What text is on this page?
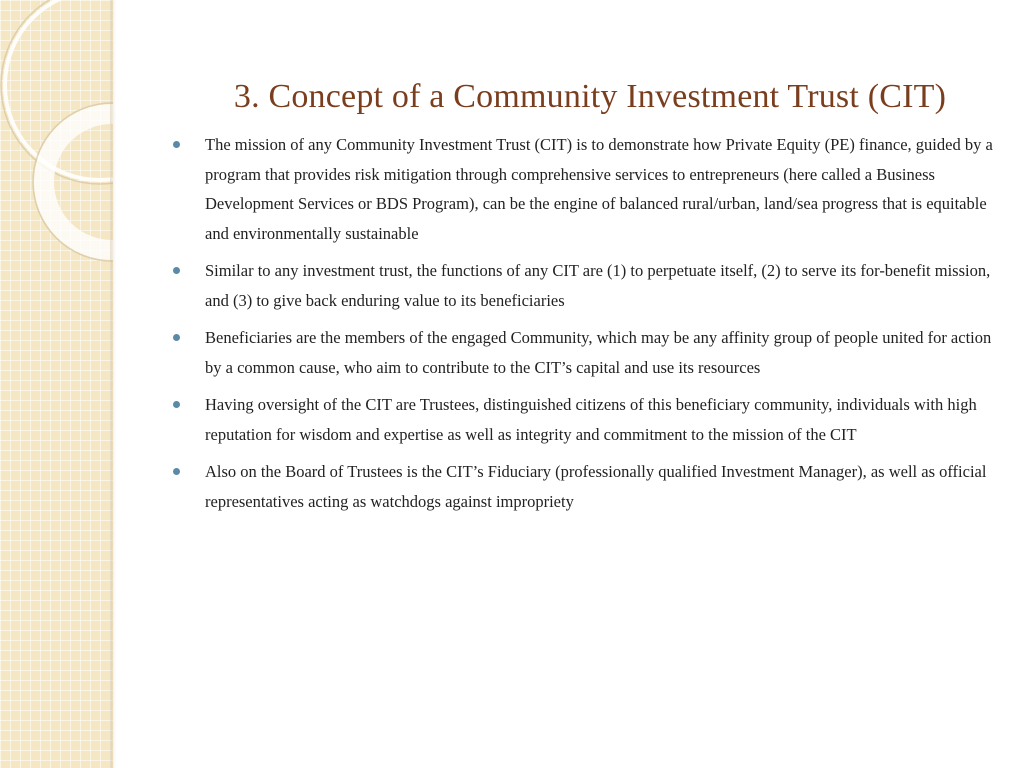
3. Concept of a Community Investment Trust (CIT)
The mission of any Community Investment Trust (CIT) is to demonstrate how Private Equity (PE) finance, guided by a program that provides risk mitigation through comprehensive services to entrepreneurs (here called a Business Development Services or BDS Program), can be the engine of balanced rural/urban, land/sea progress that is equitable and environmentally sustainable
Similar to any investment trust, the functions of any CIT are (1) to perpetuate itself, (2) to serve its for-benefit mission, and (3) to give back enduring value to its beneficiaries
Beneficiaries are the members of the engaged Community, which may be any affinity group of people united for action by a common cause, who aim to contribute to the CIT’s capital and use its resources
Having oversight of the CIT are Trustees, distinguished citizens of this beneficiary community, individuals with high reputation for wisdom and expertise as well as integrity and commitment to the mission of the CIT
Also on the Board of Trustees is the CIT’s Fiduciary (professionally qualified Investment Manager), as well as official representatives acting as watchdogs against impropriety
